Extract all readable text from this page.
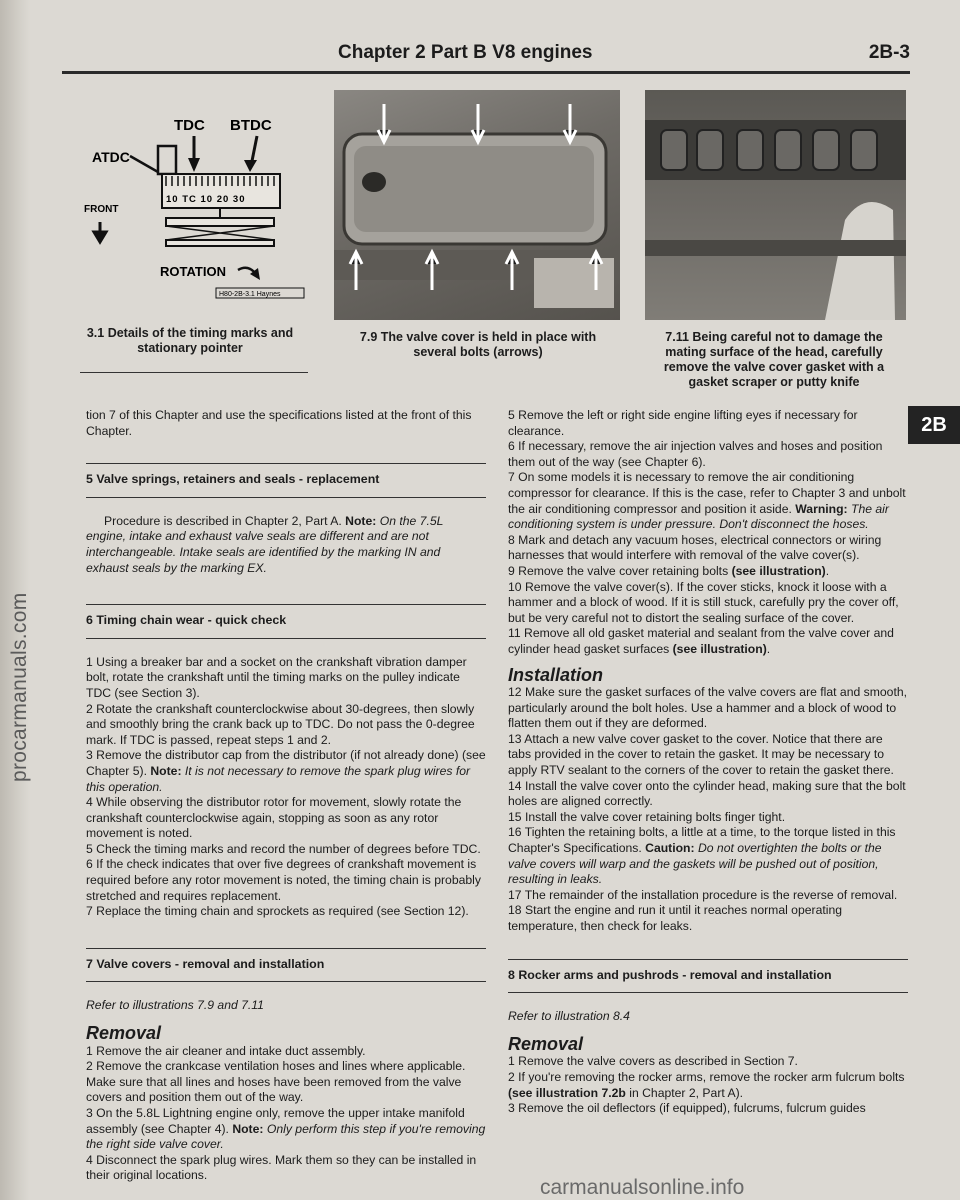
procarmanuals.com
Chapter 2 Part B V8 engines	2B-3
2B
TDC BTDC
ATDC
FRONT
10 TC 10 20 30
ROTATION
H80-2B-3.1 Haynes
3.1 Details of the timing marks and stationary pointer
7.9 The valve cover is held in place with several bolts (arrows)
7.11 Being careful not to damage the mating surface of the head, carefully remove the valve cover gasket with a gasket scraper or putty knife

tion 7 of this Chapter and use the specifications listed at the front of this Chapter.

5 Valve springs, retainers and seals - replacement

Procedure is described in Chapter 2, Part A. Note: On the 7.5L engine, intake and exhaust valve seals are different and are not interchangeable. Intake seals are identified by the marking IN and exhaust seals by the marking EX.

6 Timing chain wear - quick check

1 Using a breaker bar and a socket on the crankshaft vibration damper bolt, rotate the crankshaft until the timing marks on the pulley indicate TDC (see Section 3).

2 Rotate the crankshaft counterclockwise about 30-degrees, then slowly and smoothly bring the crank back up to TDC. Do not pass the 0-degree mark. If TDC is passed, repeat steps 1 and 2.

3 Remove the distributor cap from the distributor (if not already done) (see Chapter 5). Note: It is not necessary to remove the spark plug wires for this operation.

4 While observing the distributor rotor for movement, slowly rotate the crankshaft counterclockwise again, stopping as soon as any rotor movement is noted.

5 Check the timing marks and record the number of degrees before TDC.

6 If the check indicates that over five degrees of crankshaft movement is required before any rotor movement is noted, the timing chain is probably stretched and requires replacement.

7 Replace the timing chain and sprockets as required (see Section 12).

7 Valve covers - removal and installation

Refer to illustrations 7.9 and 7.11

Removal

1 Remove the air cleaner and intake duct assembly.

2 Remove the crankcase ventilation hoses and lines where applicable. Make sure that all lines and hoses have been removed from the valve covers and position them out of the way.

3 On the 5.8L Lightning engine only, remove the upper intake manifold assembly (see Chapter 4). Note: Only perform this step if you're removing the right side valve cover.

4 Disconnect the spark plug wires. Mark them so they can be installed in their original locations.

5 Remove the left or right side engine lifting eyes if necessary for clearance.

6 If necessary, remove the air injection valves and hoses and position them out of the way (see Chapter 6).

7 On some models it is necessary to remove the air conditioning compressor for clearance. If this is the case, refer to Chapter 3 and unbolt the air conditioning compressor and position it aside. Warning: The air conditioning system is under pressure. Don't disconnect the hoses.

8 Mark and detach any vacuum hoses, electrical connectors or wiring harnesses that would interfere with removal of the valve cover(s).

9 Remove the valve cover retaining bolts (see illustration).

10 Remove the valve cover(s). If the cover sticks, knock it loose with a hammer and a block of wood. If it is still stuck, carefully pry the cover off, but be very careful not to distort the sealing surface of the cover.

11 Remove all old gasket material and sealant from the valve cover and cylinder head gasket surfaces (see illustration).

Installation

12 Make sure the gasket surfaces of the valve covers are flat and smooth, particularly around the bolt holes. Use a hammer and a block of wood to flatten them out if they are deformed.

13 Attach a new valve cover gasket to the cover. Notice that there are tabs provided in the cover to retain the gasket. It may be necessary to apply RTV sealant to the corners of the cover to retain the gasket there.

14 Install the valve cover onto the cylinder head, making sure that the bolt holes are aligned correctly.

15 Install the valve cover retaining bolts finger tight.

16 Tighten the retaining bolts, a little at a time, to the torque listed in this Chapter's Specifications. Caution: Do not overtighten the bolts or the valve covers will warp and the gaskets will be pushed out of position, resulting in leaks.

17 The remainder of the installation procedure is the reverse of removal.

18 Start the engine and run it until it reaches normal operating temperature, then check for leaks.

8 Rocker arms and pushrods - removal and installation

Refer to illustration 8.4

Removal

1 Remove the valve covers as described in Section 7.

2 If you're removing the rocker arms, remove the rocker arm fulcrum bolts (see illustration 7.2b in Chapter 2, Part A).

3 Remove the oil deflectors (if equipped), fulcrums, fulcrum guides

carmanualsonline.info
